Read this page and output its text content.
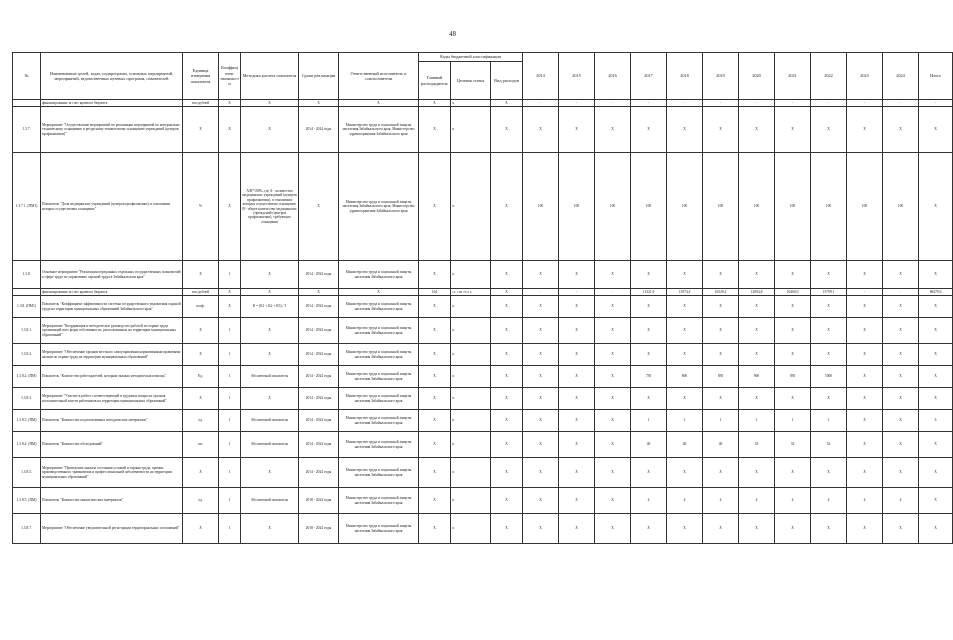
48
№	Наименование целей, задач, подпрограмм, основных мероприятий, мероприятий, ведомственных целевых программ, показателей	Единица измерения показателя	Коэффициент значимости	Методика расчета показателя	Сроки реализации	Ответственный исполнитель и соисполнители	Коды бюджетной классификации			2014	2015	2016	2017	2018	2019	2020	2021	2022	2023	2024	Итого
							Главный распорядитель	Целевая статья	Вид расходов												
	финансирование за счет краевого бюджета	тыс.рублей	Х	Х	Х	Х	Х	Х	Х	-	-	-	-	-	-	-	-	-	-	-	-
1.3.7.	Мероприятие "Осуществление мероприятий по реализации мероприятий по материально-техническому оснащению и ресурсному техническому оснащению учреждений (центров профилактики)"	Х	Х	Х	2014 - 2024 годы	Министерство труда и социальной защиты населения Забайкальского края, Министерство здравоохранения Забайкальского края	Х	Х	Х	Х	Х	Х	Х	Х	Х	Х	Х	Х	Х	Х	Х
1.3.7.1. (ПМ1)	Показатель "Доля медицинских учреждений (центров профилактики), в отношении которых осуществлено оснащение"	%	Х	А/В*100%, где А - количество медицинских учреждений (центров профилактики), в отношении которых осуществлено оснащение; В - общее количество медицинских учреждений (центров профилактики), требующих оснащения	Х	Министерство труда и социальной защиты населения Забайкальского края, Министерство здравоохранения Забайкальского края	Х	Х	Х	100	100	100	100	100	100	100	100	100	100	100	Х
1.3.8.	Основное мероприятие "Реализация переданных отдельных государственных полномочий в сфере труда по управлению охраной труда в Забайкальском крае"	Х	1	Х	2014 - 2024 годы	Министерство труда и социальной защиты населения Забайкальского края	Х	Х	Х	Х	Х	Х	Х	Х	Х	Х	Х	Х	Х	Х	Х
	финансирование за счет краевого бюджета	тыс.рублей	Х	Х	Х	Х	164	14 1 08 79 2 4	Х	-	-	-	11321,9	13974,4	16529,4	12094,8	16460,0	15799,1	-	-	86479,6
1.3.8. (ПМ1)	Показатель "Коэффициент эффективности системы государственного управления охраной труда на территории муниципальных образований Забайкальского края"	коэф.	Х	К = (К1 + К2 + К3) / 3	2014 - 2024 годы	Министерство труда и социальной защиты населения Забайкальского края	Х	Х	Х	Х	Х	Х	Х	Х	Х	Х	Х	Х	Х	Х	Х
1.3.8.1.	Мероприятие "Координация и методическое руководство работой по охране труда организаций всех форм собственности, расположенных на территории муниципальных образований"	Х	1	Х	2014 - 2024 годы	Министерство труда и социальной защиты населения Забайкальского края	Х	Х	Х	Х	Х	Х	Х	Х	Х	Х	Х	Х	Х	Х	Х
1.3.8.2.	Мероприятие "Обеспечение органов местного самоуправления нормативными правовыми актами по охране труда на территории муниципальных образований"	Х	1	Х	2014 - 2024 годы	Министерство труда и социальной защиты населения Забайкальского края	Х	Х	Х	Х	Х	Х	Х	Х	Х	Х	Х	Х	Х	Х	Х
1.3.8.2. (ПМ)	Показатель "Количество работодателей, которым оказана методическая помощь"	Ед.	1	Абсолютный показатель	2014 - 2024 годы	Министерство труда и социальной защиты населения Забайкальского края	Х	Х	Х	Х	Х	Х	750	800	850	900	950	1000	Х	Х	Х
1.3.8.3.	Мероприятие "Участие в работе соответствующей в трудовых вопросах органов исполнительной власти работников на территории муниципальных образований"	Х	1	Х	2014 - 2024 годы	Министерство труда и социальной защиты населения Забайкальского края	Х	Х	Х	Х	Х	Х	Х	Х	Х	Х	Х	Х	Х	Х	Х
1.3.8.3. (ПМ)	Показатель "Количество подготовленных методических материалов"	ед.	1	Абсолютный показатель	2014 - 2024 годы	Министерство труда и социальной защиты населения Забайкальского края	Х	Х	Х	Х	Х	Х	1	1	1	1	1	1	Х	Х	6
1.3.8.4. (ПМ)	Показатель "Количество обследований"	шт.	1	Абсолютный показатель	2014 - 2024 годы	Министерство труда и социальной защиты населения Забайкальского края	Х	Х	Х	Х	Х	Х	40	40	40	18	33	32	Х	Х	Х
1.3.8.5.	Мероприятие "Проведение анализа состояния условий и охраны труда, причин производственного травматизма и профессиональной заболеваемости на территории муниципальных образований"	Х	1	Х	2014 - 2024 годы	Министерство труда и социальной защиты населения Забайкальского края	Х	Х	Х	Х	Х	Х	Х	Х	Х	Х	Х	Х	Х	Х	Х
1.3.8.5. (ПМ)	Показатель "Количество аналитических материалов"	ед.	1	Абсолютный показатель	2018 - 2024 годы	Министерство труда и социальной защиты населения Забайкальского края	Х	Х	Х	Х	Х	Х	4	4	4	4	4	4	4	4	Х
1.3.8.7.	Мероприятие "Обеспечение уведомительной регистрации территориальных соглашений"	Х	1	Х	2018 - 2024 годы	Министерство труда и социальной защиты населения Забайкальского края	Х	Х	Х	Х	Х	Х	Х	Х	Х	Х	Х	Х	Х	Х	Х
